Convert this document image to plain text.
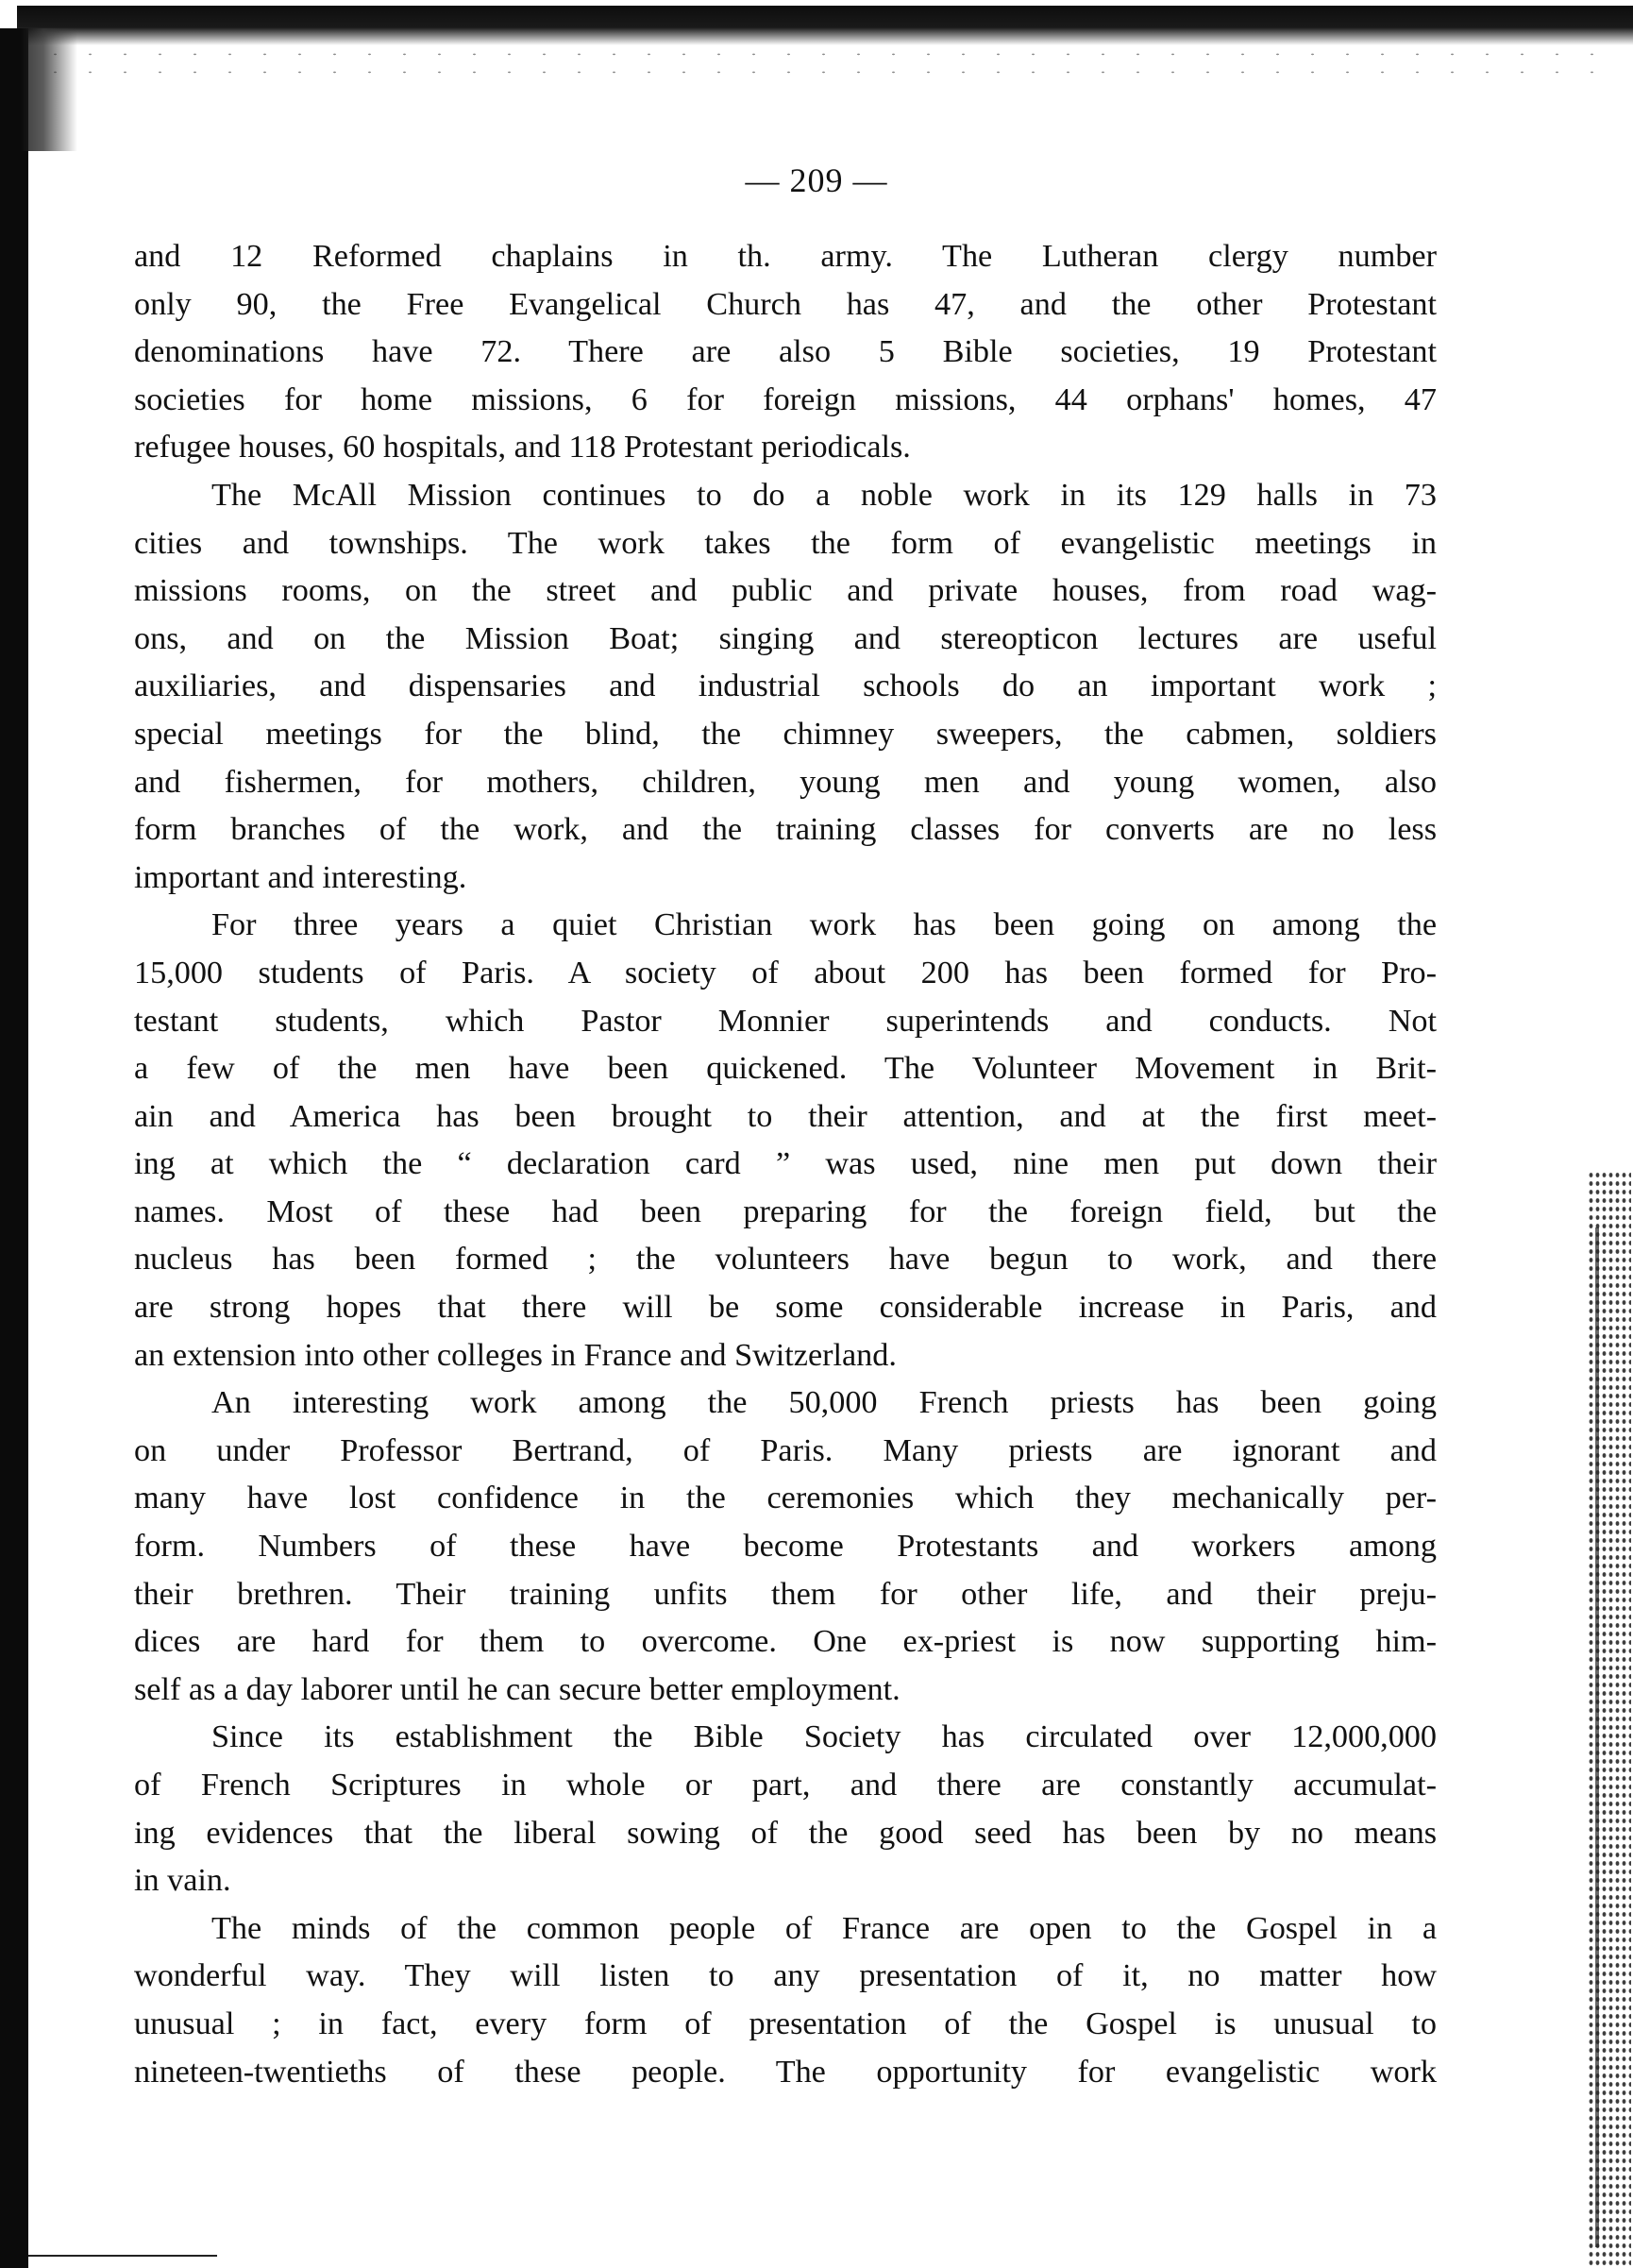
— 209 —

and 12 Reformed chaplains in th. army. The Lutheran clergy number
only 90, the Free Evangelical Church has 47, and the other Protestant
denominations have 72. There are also 5 Bible societies, 19 Protestant
societies for home missions, 6 for foreign missions, 44 orphans' homes, 47
refugee houses, 60 hospitals, and 118 Protestant periodicals.

The McAll Mission continues to do a noble work in its 129 halls in 73
cities and townships. The work takes the form of evangelistic meetings in
missions rooms, on the street and public and private houses, from road wag-
ons, and on the Mission Boat; singing and stereopticon lectures are useful
auxiliaries, and dispensaries and industrial schools do an important work ;
special meetings for the blind, the chimney sweepers, the cabmen, soldiers
and fishermen, for mothers, children, young men and young women, also
form branches of the work, and the training classes for converts are no less
important and interesting.

For three years a quiet Christian work has been going on among the
15,000 students of Paris. A society of about 200 has been formed for Pro-
testant students, which Pastor Monnier superintends and conducts. Not
a few of the men have been quickened. The Volunteer Movement in Brit-
ain and America has been brought to their attention, and at the first meet-
ing at which the “ declaration card ” was used, nine men put down their
names. Most of these had been preparing for the foreign field, but the
nucleus has been formed ; the volunteers have begun to work, and there
are strong hopes that there will be some considerable increase in Paris, and
an extension into other colleges in France and Switzerland.

An interesting work among the 50,000 French priests has been going
on under Professor Bertrand, of Paris. Many priests are ignorant and
many have lost confidence in the ceremonies which they mechanically per-
form. Numbers of these have become Protestants and workers among
their brethren. Their training unfits them for other life, and their preju-
dices are hard for them to overcome. One ex-priest is now supporting him-
self as a day laborer until he can secure better employment.

Since its establishment the Bible Society has circulated over 12,000,000
of French Scriptures in whole or part, and there are constantly accumulat-
ing evidences that the liberal sowing of the good seed has been by no means
in vain.

The minds of the common people of France are open to the Gospel in a
wonderful way. They will listen to any presentation of it, no matter how
unusual ; in fact, every form of presentation of the Gospel is unusual to
nineteen-twentieths of these people. The opportunity for evangelistic work
